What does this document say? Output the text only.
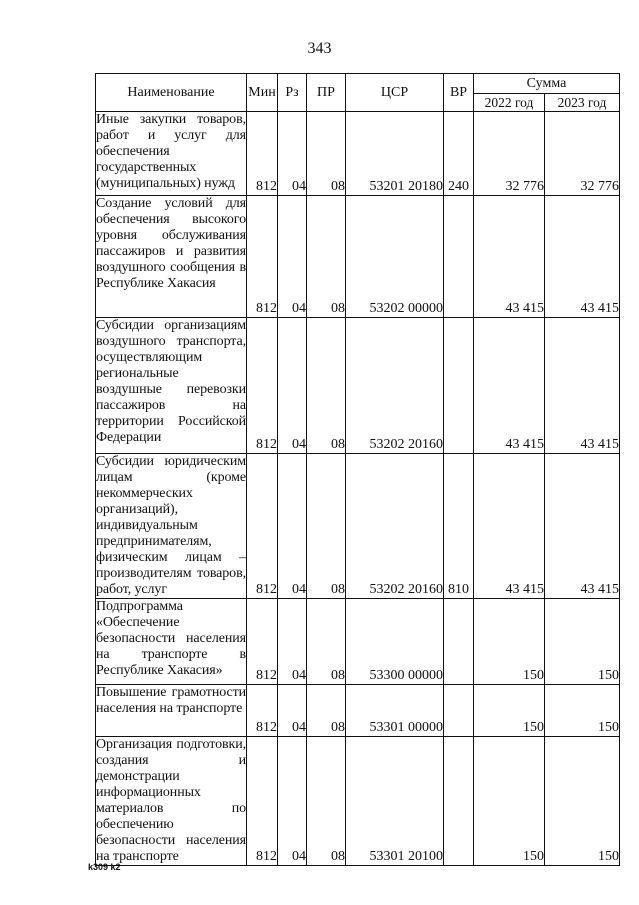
343
Наименование	Мин	Рз	ПР	ЦСР	ВР	Сумма	
						2022 год	2023 год
Иные закупки товаров, работ и услуг для обеспечения государственных (муниципальных) нужд	812	04	08	53201 20180	240	32 776	32 776
Создание условий для обеспечения высокого уровня обслуживания пассажиров и развития воздушного сообщения в Республике Хакасия	812	04	08	53202 00000		43 415	43 415
Субсидии организациям воздушного транспорта, осуществляющим региональные воздушные перевозки пассажиров на территории Российской Федерации	812	04	08	53202 20160		43 415	43 415
Субсидии юридическим лицам (кроме некоммерческих организаций), индивидуальным предпринимателям, физическим лицам – производителям товаров, работ, услуг	812	04	08	53202 20160	810	43 415	43 415
Подпрограмма «Обеспечение безопасности населения на транспорте в Республике Хакасия»	812	04	08	53300 00000		150	150
Повышение грамотности населения на транспорте	812	04	08	53301 00000		150	150
Организация подготовки, создания и демонстрации информационных материалов по обеспечению безопасности населения на транспорте	812	04	08	53301 20100		150	150
k309 k2
